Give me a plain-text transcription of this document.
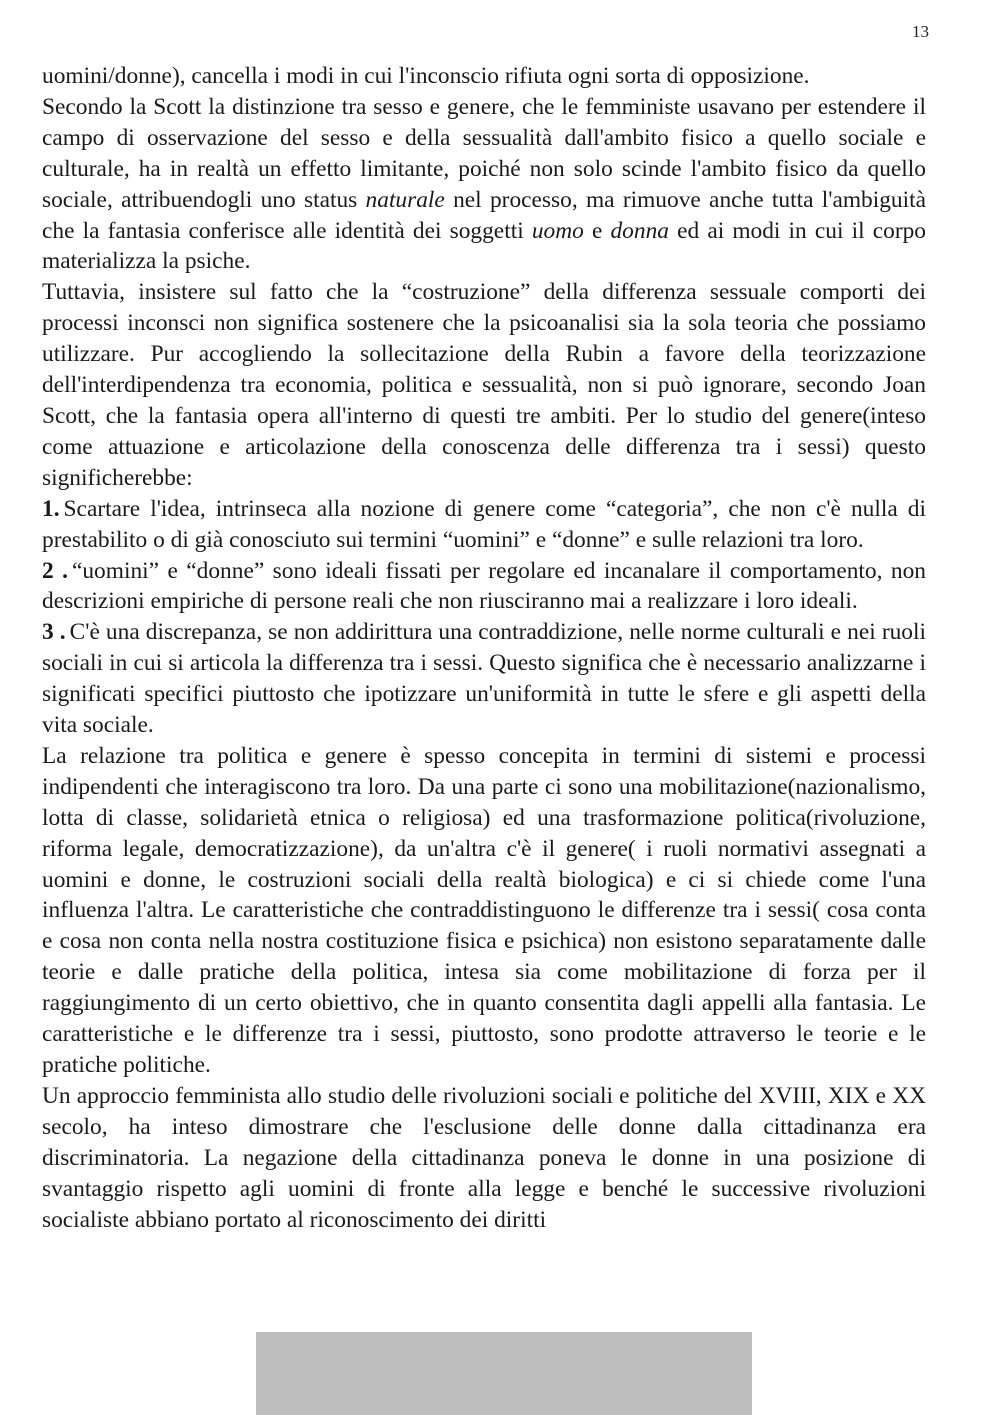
13

uomini/donne), cancella i modi in cui l'inconscio rifiuta ogni sorta di opposizione.

Secondo la Scott la distinzione tra sesso e genere, che le femministe usavano per estendere il campo di osservazione del sesso e della sessualità dall'ambito fisico a quello sociale e culturale, ha in realtà un effetto limitante, poiché non solo scinde l'ambito fisico da quello sociale, attribuendogli uno status naturale nel processo, ma rimuove anche tutta l'ambiguità che la fantasia conferisce alle identità dei soggetti uomo e donna ed ai modi in cui il corpo materializza la psiche.

Tuttavia, insistere sul fatto che la “costruzione” della differenza sessuale comporti dei processi inconsci non significa sostenere che la psicoanalisi sia la sola teoria che possiamo utilizzare. Pur accogliendo la sollecitazione della Rubin a favore della teorizzazione dell'interdipendenza tra economia, politica e sessualità, non si può ignorare, secondo Joan Scott, che la fantasia opera all'interno di questi tre ambiti. Per lo studio del genere(inteso come attuazione e articolazione della conoscenza delle differenza tra i sessi) questo significherebbe:

1. Scartare l'idea, intrinseca alla nozione di genere come “categoria”, che non c'è nulla di prestabilito o di già conosciuto sui termini “uomini” e “donne” e sulle relazioni tra loro.

2 . “uomini” e “donne” sono ideali fissati per regolare ed incanalare il comportamento, non descrizioni empiriche di persone reali che non riusciranno mai a realizzare i loro ideali.

3 . C'è una discrepanza, se non addirittura una contraddizione, nelle norme culturali e nei ruoli sociali in cui si articola la differenza tra i sessi. Questo significa che è necessario analizzarne i significati specifici piuttosto che ipotizzare un'uniformità in tutte le sfere e gli aspetti della vita sociale.

La relazione tra politica e genere è spesso concepita in termini di sistemi e processi indipendenti che interagiscono tra loro. Da una parte ci sono una mobilitazione(nazionalismo, lotta di classe, solidarietà etnica o religiosa) ed una trasformazione politica(rivoluzione, riforma legale, democratizzazione), da un'altra c'è il genere( i ruoli normativi assegnati a uomini e donne, le costruzioni sociali della realtà biologica) e ci si chiede come l'una influenza l'altra. Le caratteristiche che contraddistinguono le differenze tra i sessi( cosa conta e cosa non conta nella nostra costituzione fisica e psichica) non esistono separatamente dalle teorie e dalle pratiche della politica, intesa sia come mobilitazione di forza per il raggiungimento di un certo obiettivo, che in quanto consentita dagli appelli alla fantasia. Le caratteristiche e le differenze tra i sessi, piuttosto, sono prodotte attraverso le teorie e le pratiche politiche.

Un approccio femminista allo studio delle rivoluzioni sociali e politiche del XVIII, XIX e XX secolo, ha inteso dimostrare che l'esclusione delle donne dalla cittadinanza era discriminatoria. La negazione della cittadinanza poneva le donne in una posizione di svantaggio rispetto agli uomini di fronte alla legge e benché le successive rivoluzioni socialiste abbiano portato al riconoscimento dei diritti
